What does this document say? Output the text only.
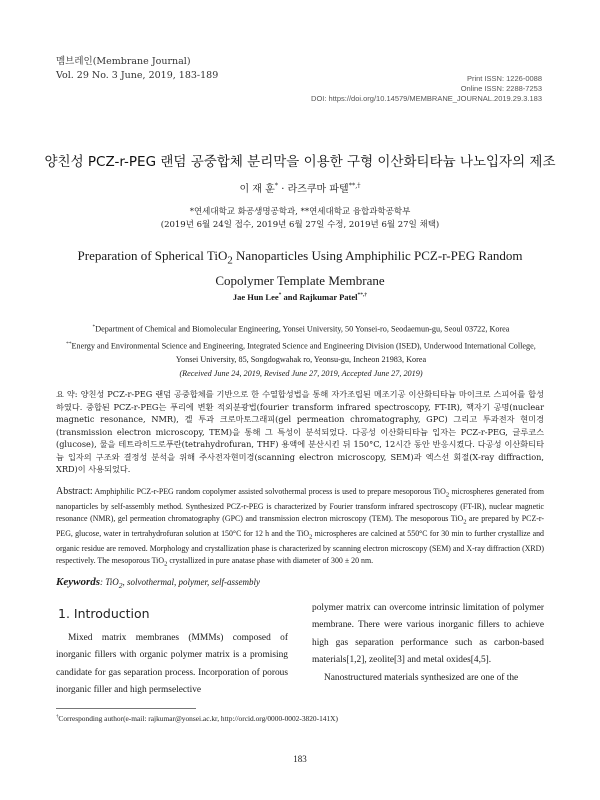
멤브레인(Membrane Journal)
Vol. 29 No. 3 June, 2019, 183-189	Print ISSN: 1226-0088
Online ISSN: 2288-7253
DOI: https://doi.org/10.14579/MEMBRANE_JOURNAL.2019.29.3.183
양친성 PCZ-r-PEG 랜덤 공중합체 분리막을 이용한 구형 이산화티타늄 나노입자의 제조
이 재 훈* · 라즈쿠마 파텔**,†
*연세대학교 화공생명공학과, **연세대학교 융합과학공학부
(2019년 6월 24일 접수, 2019년 6월 27일 수정, 2019년 6월 27일 채택)
Preparation of Spherical TiO$_2$ Nanoparticles Using Amphiphilic PCZ-r-PEG Random Copolymer Template Membrane
Jae Hun Lee* and Rajkumar Patel**,†
*Department of Chemical and Biomolecular Engineering, Yonsei University, 50 Yonsei-ro, Seodaemun-gu, Seoul 03722, Korea
**Energy and Environmental Science and Engineering, Integrated Science and Engineering Division (ISED), Underwood International College, Yonsei University, 85, Songdogwahak ro, Yeonsu-gu, Incheon 21983, Korea
(Received June 24, 2019, Revised June 27, 2019, Accepted June 27, 2019)
요 약: 양친성 PCZ-r-PEG 랜덤 공중합체를 기반으로 한 수열합성법을 통해 자가조립된 메조기공 이산화티타늄 마이크로 스피어를 합성하였다. 중합된 PCZ-r-PEG는 푸리에 변환 적외분광법(fourier transform infrared spectroscopy, FT-IR), 핵자기 공명(nuclear magnetic resonance, NMR), 겔 투과 크로마토그래피(gel permeation chromatography, GPC) 그리고 투과전자 현미경(transmission electron microscopy, TEM)을 통해 그 특성이 분석되었다. 다공성 이산화티타늄 입자는 PCZ-r-PEG, 글루코스(glucose), 물을 테트라히드로푸란(tetrahydrofuran, THF) 용액에 분산시킨 뒤 150°C, 12시간 동안 반응시켰다. 다공성 이산화티타늄 입자의 구조와 결정성 분석을 위해 주사전자현미경(scanning electron microscopy, SEM)과 엑스선 회절(X-ray diffraction, XRD)이 사용되었다.
Abstract: Amphiphilic PCZ-r-PEG random copolymer assisted solvothermal process is used to prepare mesoporous TiO$_2$ microspheres generated from nanoparticles by self-assembly method. Synthesized PCZ-r-PEG is characterized by Fourier transform infrared spectroscopy (FT-IR), nuclear magnetic resonance (NMR), gel permeation chromatography (GPC) and transmission electron microscopy (TEM). The mesoporous TiO$_2$ are prepared by PCZ-r-PEG, glucose, water in tertrahydrofuran solution at 150°C for 12 h and the TiO$_2$ microspheres are calcined at 550°C for 30 min to further crystallize and organic residue are removed. Morphology and crystallization phase is characterized by scanning electron microscopy (SEM) and X-ray diffraction (XRD) respectively. The mesoporous TiO$_2$ crystallized in pure anatase phase with diameter of 300 ± 20 nm.
Keywords: TiO$_2$, solvothermal, polymer, self-assembly
1. Introduction
Mixed matrix membranes (MMMs) composed of inorganic fillers with organic polymer matrix is a promising candidate for gas separation process. Incorporation of porous inorganic filler and high permselective
polymer matrix can overcome intrinsic limitation of polymer membrane. There were various inorganic fillers to achieve high gas separation performance such as carbon-based materials[1,2], zeolite[3] and metal oxides[4,5].
Nanostructured materials synthesized are one of the
†Corresponding author(e-mail: rajkumar@yonsei.ac.kr, http://orcid.org/0000-0002-3820-141X)
183
